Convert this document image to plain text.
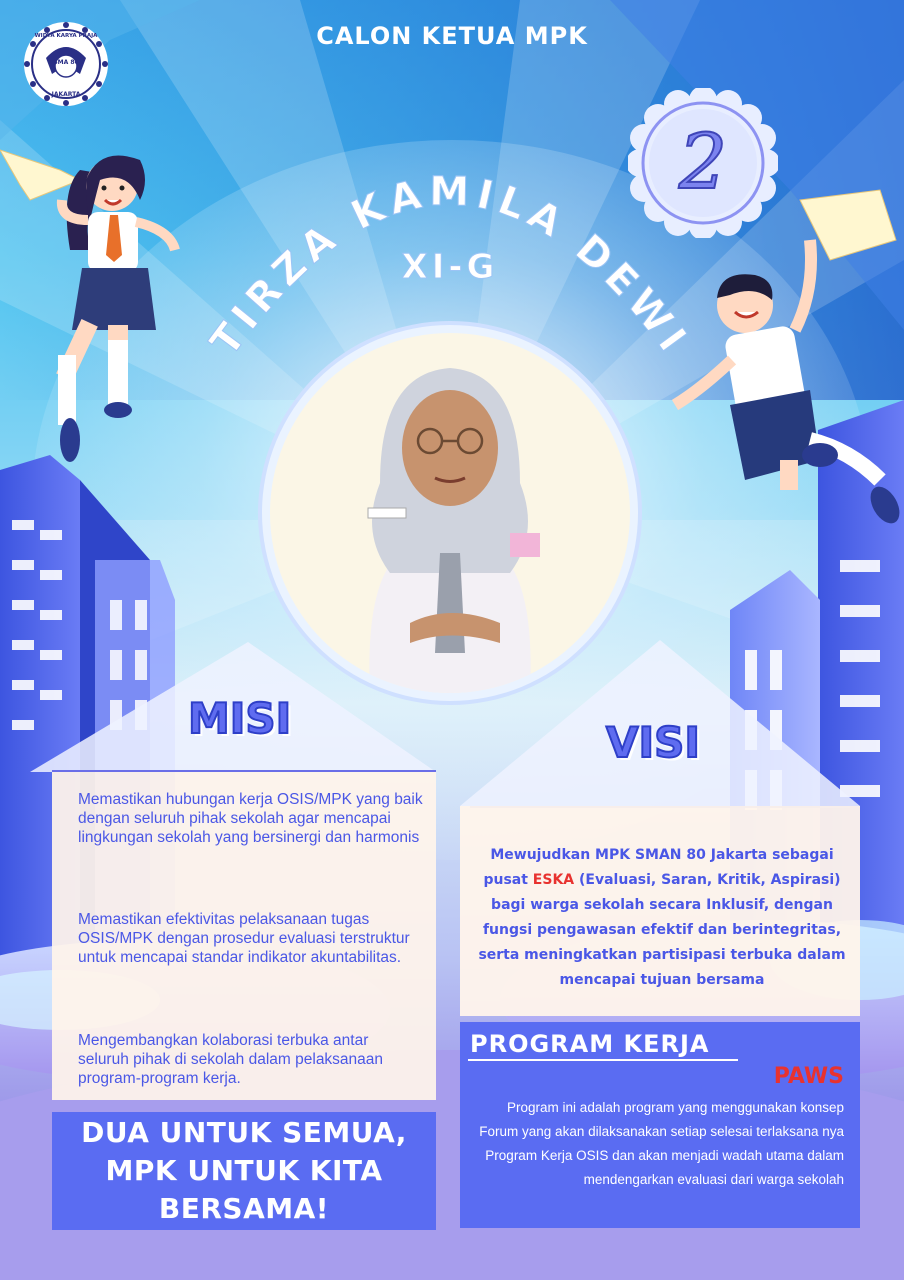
CALON KETUA MPK
SMA 80
JAKARTA
WIDYA KARYA PRAJA
2
TIRZA KAMILA DEWI
XI-G
MISI
Memastikan hubungan kerja OSIS/MPK yang baik dengan seluruh pihak sekolah agar mencapai lingkungan sekolah yang bersinergi dan harmonis
Memastikan efektivitas pelaksanaan tugas OSIS/MPK dengan prosedur evaluasi terstruktur untuk mencapai standar indikator akuntabilitas.
Mengembangkan kolaborasi terbuka antar seluruh pihak di sekolah dalam pelaksanaan program-program kerja.
VISI
Mewujudkan MPK SMAN 80 Jakarta sebagai pusat ESKA (Evaluasi, Saran, Kritik, Aspirasi) bagi warga sekolah secara Inklusif, dengan fungsi pengawasan efektif dan berintegritas, serta meningkatkan partisipasi terbuka dalam mencapai tujuan bersama
DUA UNTUK SEMUA,
MPK UNTUK KITA
BERSAMA!
PROGRAM KERJA
PAWS
Program ini adalah program yang menggunakan konsep Forum yang akan dilaksanakan setiap selesai terlaksana nya Program Kerja OSIS dan akan menjadi wadah utama dalam mendengarkan evaluasi dari warga sekolah
